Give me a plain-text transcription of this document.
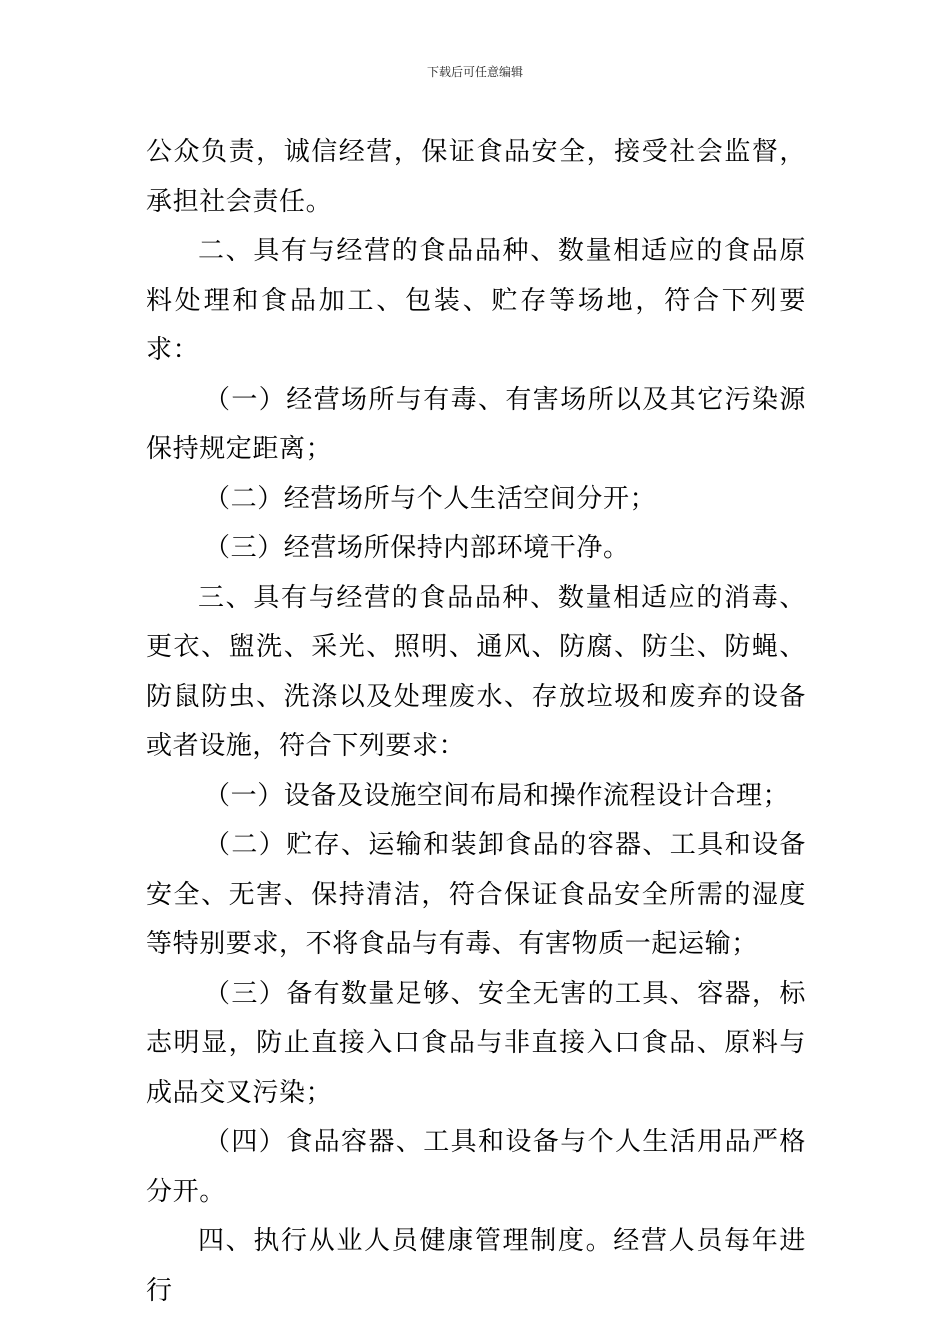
下载后可任意编辑

公众负责，诚信经营，保证食品安全，接受社会监督，承担社会责任。

二、具有与经营的食品品种、数量相适应的食品原料处理和食品加工、包装、贮存等场地，符合下列要求：

（一）经营场所与有毒、有害场所以及其它污染源保持规定距离；

（二）经营场所与个人生活空间分开；

（三）经营场所保持内部环境干净。

三、具有与经营的食品品种、数量相适应的消毒、更衣、盥洗、采光、照明、通风、防腐、防尘、防蝇、防鼠防虫、洗涤以及处理废水、存放垃圾和废弃的设备或者设施，符合下列要求：

（一）设备及设施空间布局和操作流程设计合理；

（二）贮存、运输和装卸食品的容器、工具和设备安全、无害、保持清洁，符合保证食品安全所需的湿度等特别要求，不将食品与有毒、有害物质一起运输；

（三）备有数量足够、安全无害的工具、容器，标志明显，防止直接入口食品与非直接入口食品、原料与成品交叉污染；

（四）食品容器、工具和设备与个人生活用品严格分开。

四、执行从业人员健康管理制度。经营人员每年进行
